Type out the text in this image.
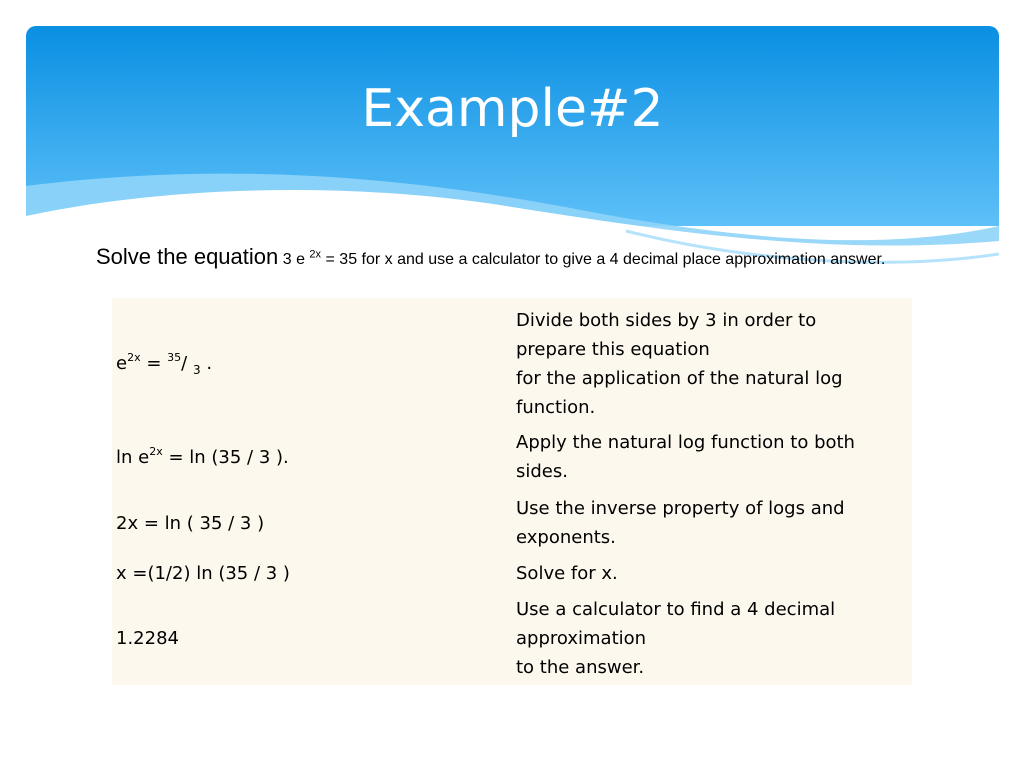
Example#2
Solve the equation 3 e $^{2x}$ = 35 for x and use a calculator to give a 4 decimal place approximation answer.
$e^{2x} = ^{35}/$ $_3$ .
Divide both sides by 3 in order to
prepare this equation
for the application of the natural log
function.
$\ln e^{2x} = \ln (35 / 3$ ).
Apply the natural log function to both
sides.
2x = ln ( 35 / 3 )
Use the inverse property of logs and
exponents.
x =(1/2) ln (35 / 3 )	Solve for x.
1.2284
Use a calculator to find a 4 decimal
approximation
to the answer.
